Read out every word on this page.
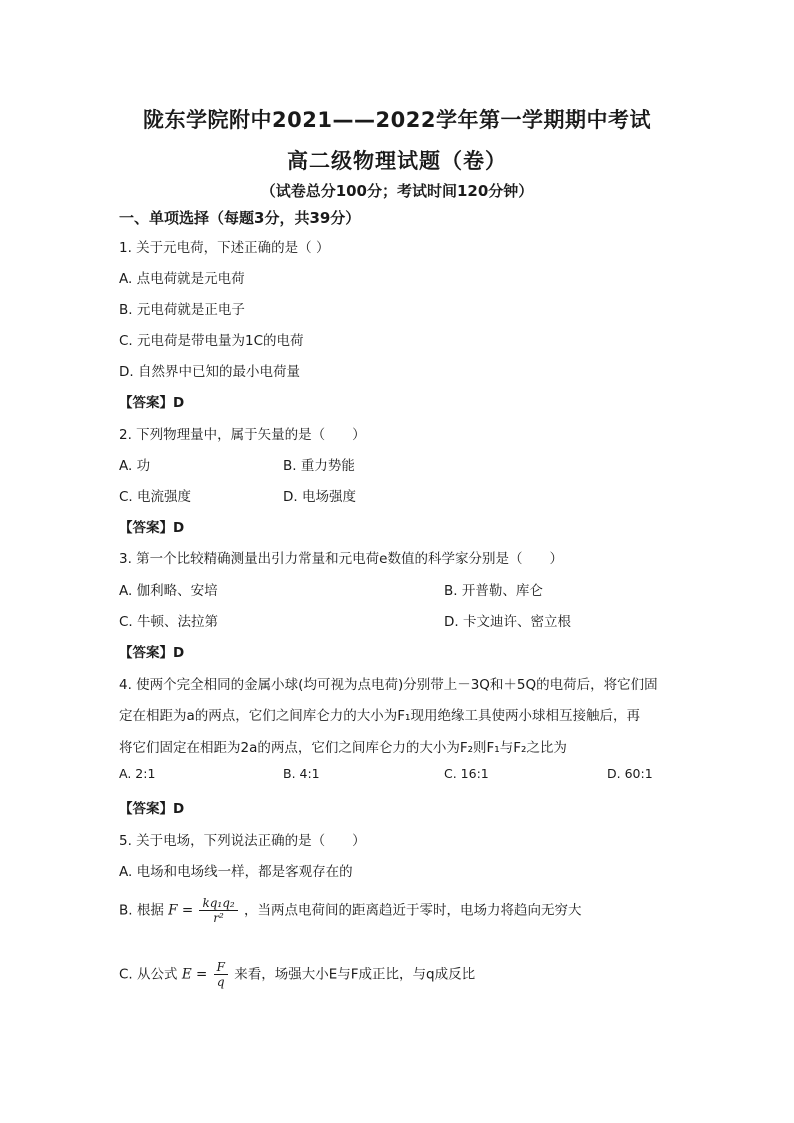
陇东学院附中2021——2022学年第一学期期中考试
高二级物理试题（卷）
（试卷总分100分；考试时间120分钟）
一、单项选择（每题3分，共39分）
1. 关于元电荷，下述正确的是（ ）
A. 点电荷就是元电荷
B. 元电荷就是正电子
C. 元电荷是带电量为1C的电荷
D. 自然界中已知的最小电荷量
【答案】D
2. 下列物理量中，属于矢量的是（　　）
A. 功	B. 重力势能
C. 电流强度	D. 电场强度
【答案】D
3. 第一个比较精确测量出引力常量和元电荷e数值的科学家分别是（　　）
A. 伽利略、安培	B. 开普勒、库仑
C. 牛顿、法拉第	D. 卡文迪许、密立根
【答案】D
4. 使两个完全相同的金属小球(均可视为点电荷)分别带上－3Q和＋5Q的电荷后，将它们固
定在相距为a的两点，它们之间库仑力的大小为F₁现用绝缘工具使两小球相互接触后，再
将它们固定在相距为2a的两点，它们之间库仑力的大小为F₂则F₁与F₂之比为
A. 2:1	B. 4:1	C. 16:1	D. 60:1
【答案】D
5. 关于电场，下列说法正确的是（　　）
A. 电场和电场线一样，都是客观存在的
B. 根据 $F = \frac{\text{kq₁q₂}}{\text{r²}}$ ，当两点电荷间的距离趋近于零时，电场力将趋向无穷大
C. 从公式 $E = \frac{F}{q}$ 来看，场强大小E与F成正比，与q成反比
